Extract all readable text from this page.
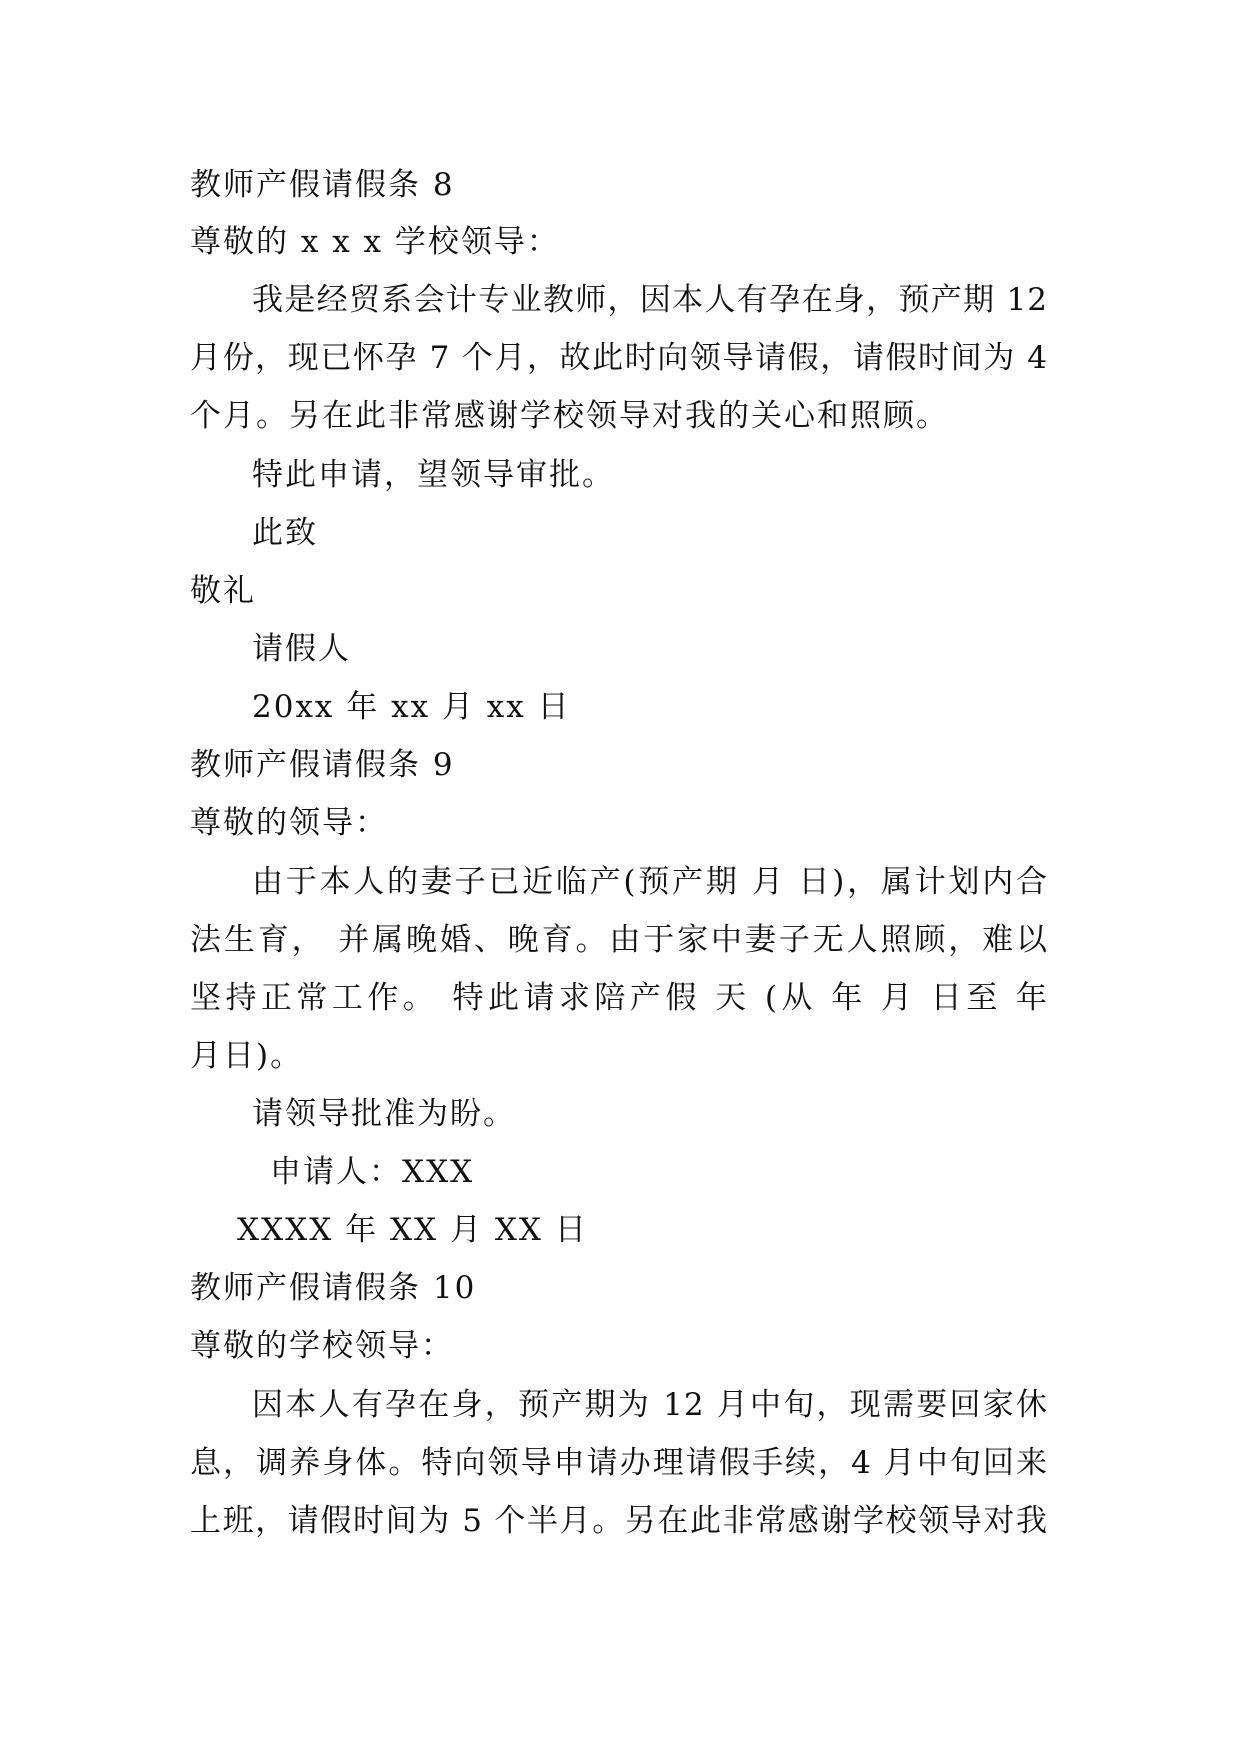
教师产假请假条 8
尊敬的 x x x 学校领导：
我是经贸系会计专业教师，因本人有孕在身，预产期 12
月份，现已怀孕 7 个月，故此时向领导请假，请假时间为 4
个月。另在此非常感谢学校领导对我的关心和照顾。
特此申请，望领导审批。
此致
敬礼
请假人
20xx 年 xx 月 xx 日
教师产假请假条 9
尊敬的领导：
由于本人的妻子已近临产(预产期 月 日)，属计划内合
法生育， 并属晚婚、晚育。由于家中妻子无人照顾，难以
坚持正常工作。 特此请求陪产假 天 (从 年 月 日至 年
月日)。
请领导批准为盼。
申请人：XXX
XXXX 年 XX 月 XX 日
教师产假请假条 10
尊敬的学校领导：
因本人有孕在身，预产期为 12 月中旬，现需要回家休
息，调养身体。特向领导申请办理请假手续，4 月中旬回来
上班，请假时间为 5 个半月。另在此非常感谢学校领导对我
